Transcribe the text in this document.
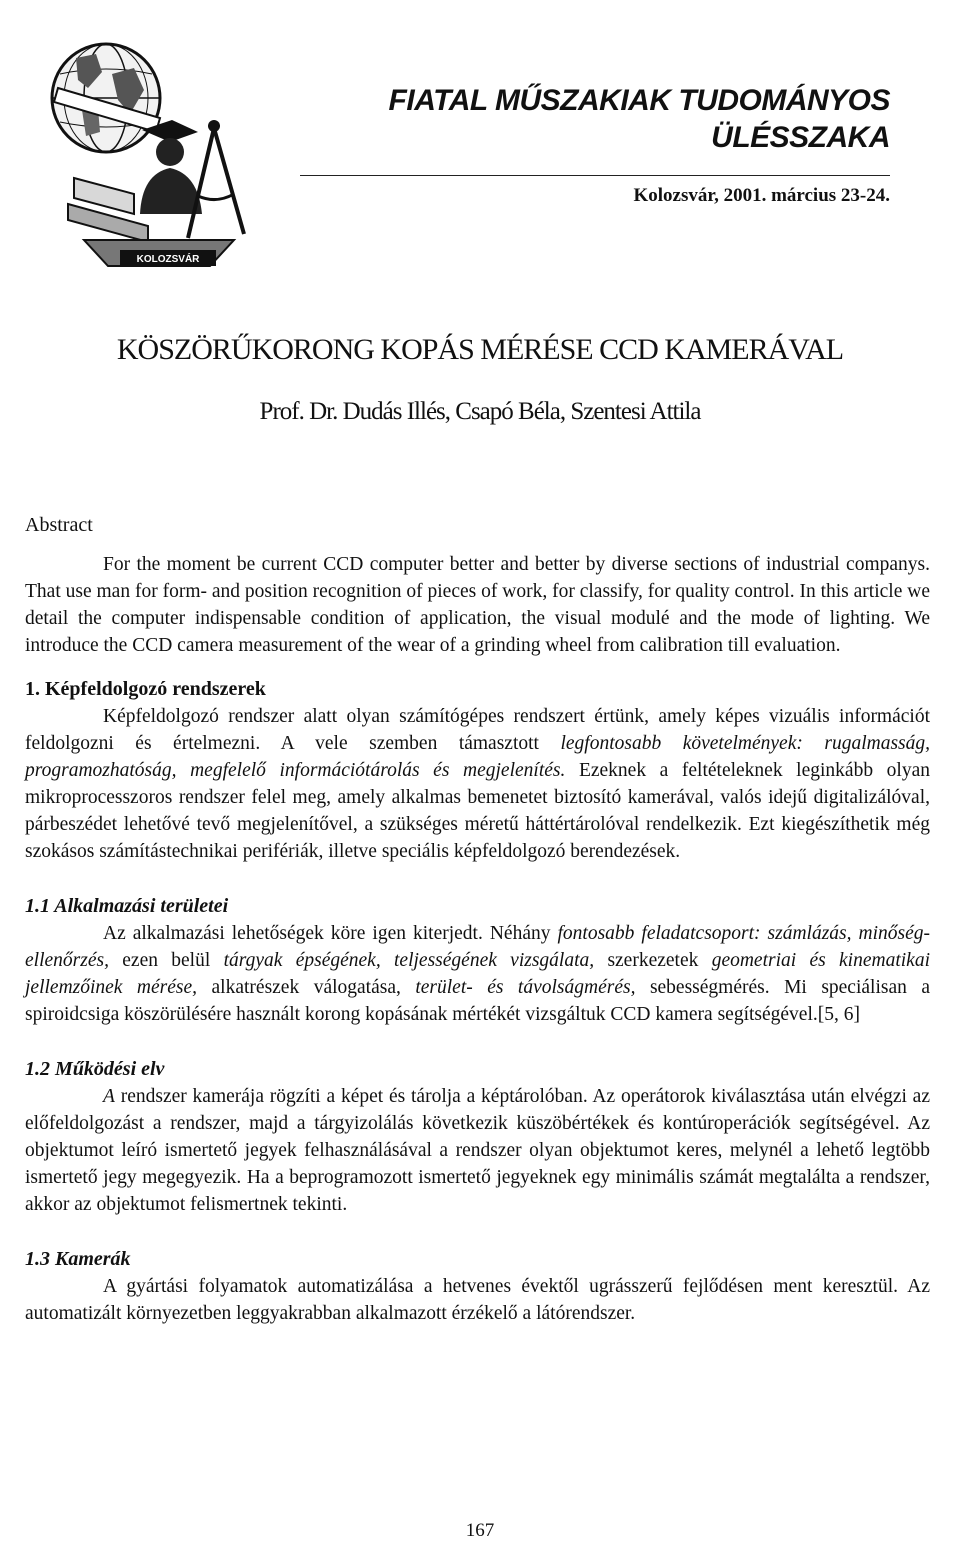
KOLOZSVÁR
FIATAL MŰSZAKIAK TUDOMÁNYOS
ÜLÉSSZAKA

Kolozsvár, 2001. március 23-24.

KÖSZÖRŰKORONG KOPÁS MÉRÉSE CCD KAMERÁVAL

Prof. Dr. Dudás Illés, Csapó Béla, Szentesi Attila

Abstract

For the moment be current CCD computer better and better by diverse sections of industrial companys. That use man for form- and position recognition of pieces of work, for classify, for quality control. In this article we detail the computer indispensable condition of application, the visual modulé and the mode of lighting. We introduce the CCD camera measurement of the wear of a grinding wheel from calibration till evaluation.

1. Képfeldolgozó rendszerek

Képfeldolgozó rendszer alatt olyan számítógépes rendszert értünk, amely képes vizuális információt feldolgozni és értelmezni. A vele szemben támasztott legfontosabb követelmények: rugalmasság, programozhatóság, megfelelő információtárolás és megjelenítés. Ezeknek a feltételeknek leginkább olyan mikroprocesszoros rendszer felel meg, amely alkalmas bemenetet biztosító kamerával, valós idejű digitalizálóval, párbeszédet lehetővé tevő megjelenítővel, a szükséges méretű háttértárolóval rendelkezik. Ezt kiegészíthetik még szokásos számítástechnikai perifériák, illetve speciális képfeldolgozó berendezések.

1.1 Alkalmazási területei

Az alkalmazási lehetőségek köre igen kiterjedt. Néhány fontosabb feladatcsoport: számlázás, minőség-ellenőrzés, ezen belül tárgyak épségének, teljességének vizsgálata, szerkezetek geometriai és kinematikai jellemzőinek mérése, alkatrészek válogatása, terület- és távolságmérés, sebességmérés. Mi speciálisan a spiroidcsiga köszörülésére használt korong kopásának mértékét vizsgáltuk CCD kamera segítségével.[5, 6]

1.2 Működési elv

A rendszer kamerája rögzíti a képet és tárolja a képtárolóban. Az operátorok kiválasztása után elvégzi az előfeldolgozást a rendszer, majd a tárgyizolálás következik küszöbértékek és kontúroperációk segítségével. Az objektumot leíró ismertető jegyek felhasználásával a rendszer olyan objektumot keres, melynél a lehető legtöbb ismertető jegy megegyezik. Ha a beprogramozott ismertető jegyeknek egy minimális számát megtalálta a rendszer, akkor az objektumot felismertnek tekinti.

1.3 Kamerák

A gyártási folyamatok automatizálása a hetvenes évektől ugrásszerű fejlődésen ment keresztül. Az automatizált környezetben leggyakrabban alkalmazott érzékelő a látórendszer.

167
